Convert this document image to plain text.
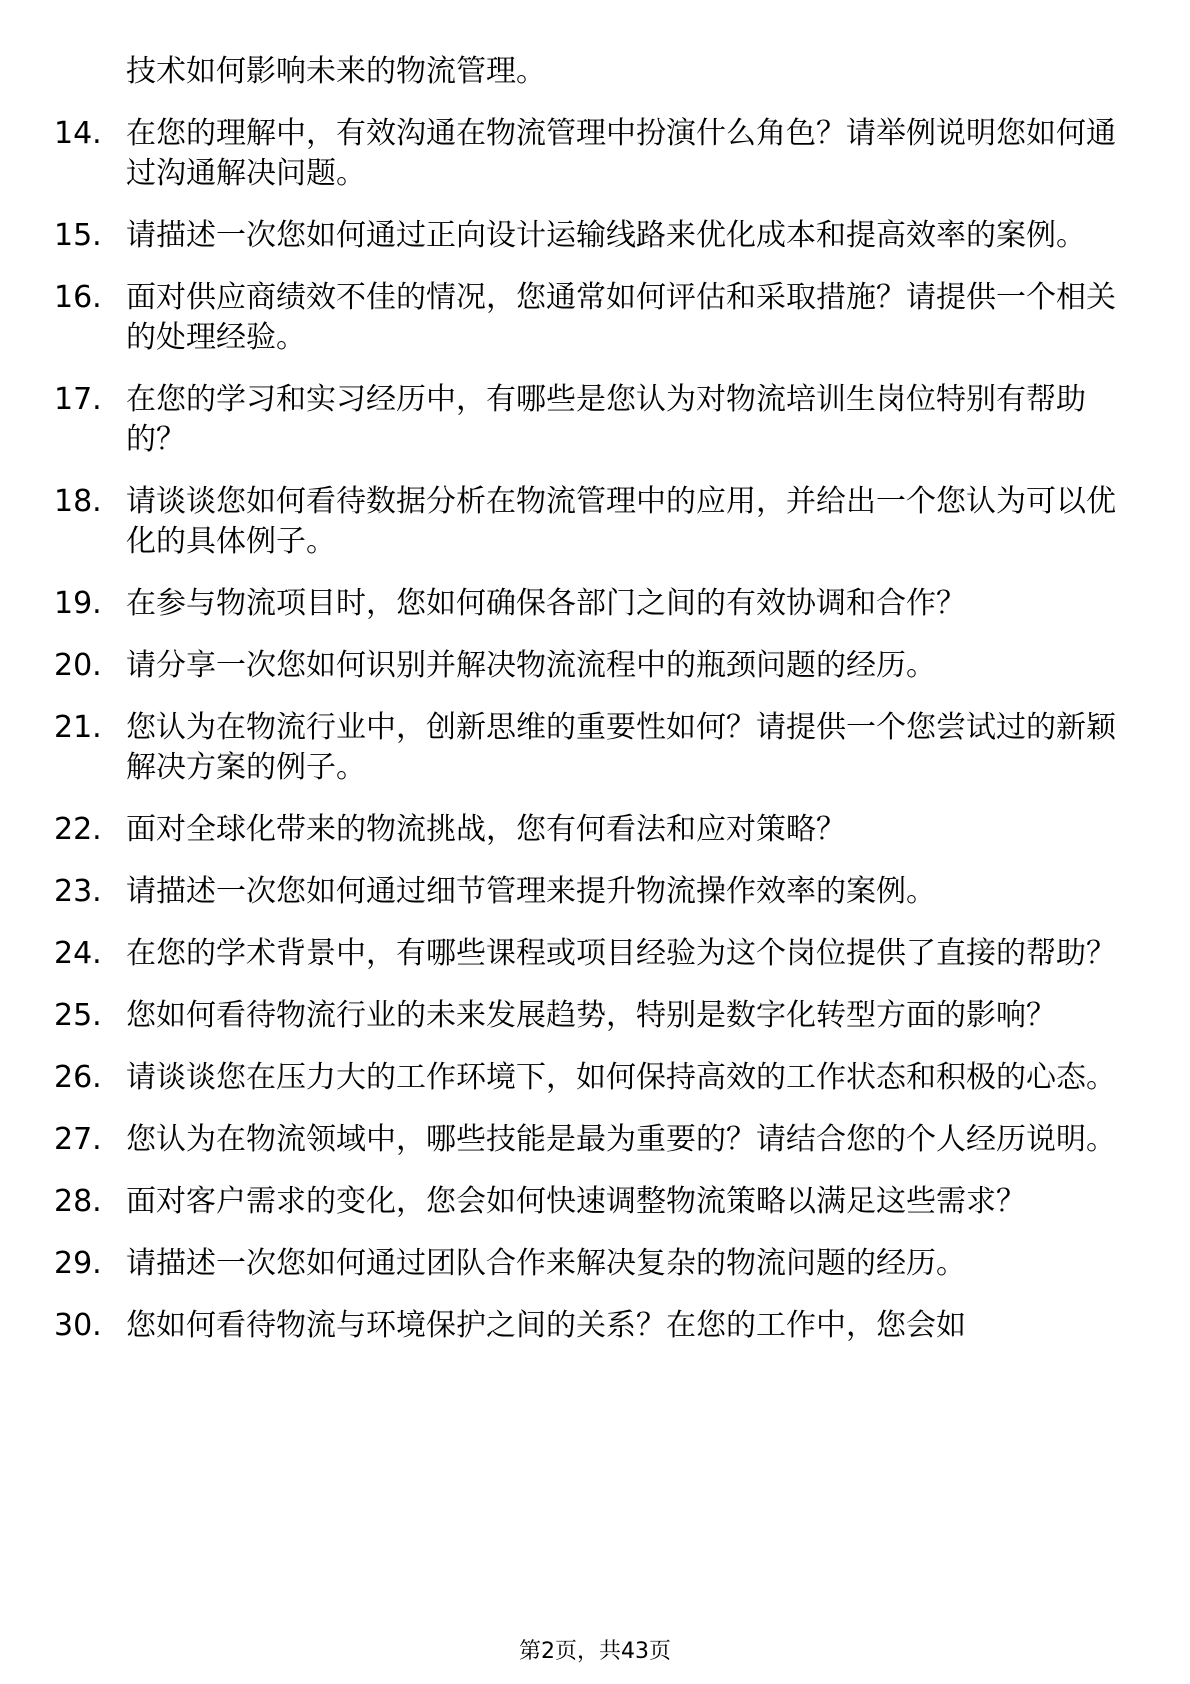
技术如何影响未来的物流管理。
14. 在您的理解中，有效沟通在物流管理中扮演什么角色？请举例说明您如何通过沟通解决问题。
15. 请描述一次您如何通过正向设计运输线路来优化成本和提高效率的案例。
16. 面对供应商绩效不佳的情况，您通常如何评估和采取措施？请提供一个相关的处理经验。
17. 在您的学习和实习经历中，有哪些是您认为对物流培训生岗位特别有帮助的？
18. 请谈谈您如何看待数据分析在物流管理中的应用，并给出一个您认为可以优化的具体例子。
19. 在参与物流项目时，您如何确保各部门之间的有效协调和合作？
20. 请分享一次您如何识别并解决物流流程中的瓶颈问题的经历。
21. 您认为在物流行业中，创新思维的重要性如何？请提供一个您尝试过的新颖解决方案的例子。
22. 面对全球化带来的物流挑战，您有何看法和应对策略？
23. 请描述一次您如何通过细节管理来提升物流操作效率的案例。
24. 在您的学术背景中，有哪些课程或项目经验为这个岗位提供了直接的帮助？
25. 您如何看待物流行业的未来发展趋势，特别是数字化转型方面的影响？
26. 请谈谈您在压力大的工作环境下，如何保持高效的工作状态和积极的心态。
27. 您认为在物流领域中，哪些技能是最为重要的？请结合您的个人经历说明。
28. 面对客户需求的变化，您会如何快速调整物流策略以满足这些需求？
29. 请描述一次您如何通过团队合作来解决复杂的物流问题的经历。
30. 您如何看待物流与环境保护之间的关系？在您的工作中，您会如
第2页，共43页
